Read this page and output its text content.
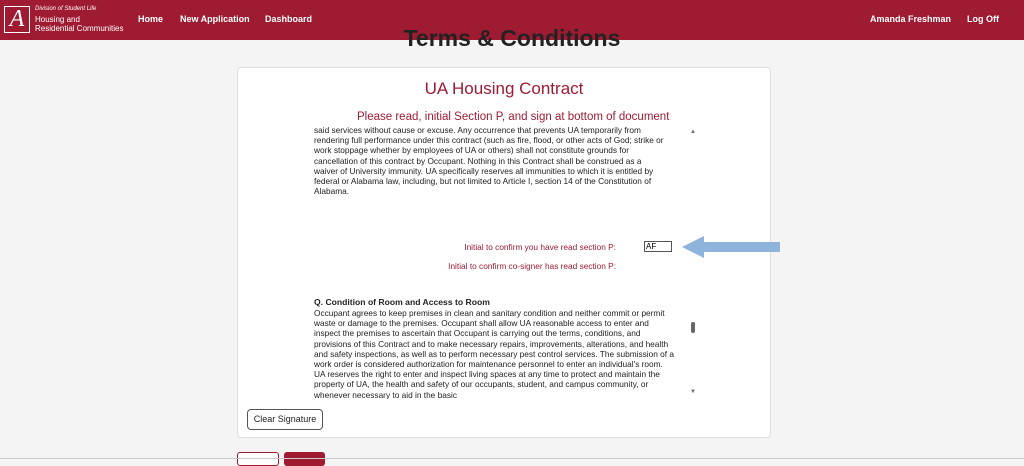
A	Division of Student Life
Housing and
Residential Communities
Home New Application Dashboard	Amanda Freshman Log Off
Terms & Conditions
UA Housing Contract
Please read, initial Section P, and sign at bottom of document

said services without cause or excuse. Any occurrence that prevents UA temporarily from rendering full performance under this contract (such as fire, flood, or other acts of God; strike or work stoppage whether by employees of UA or others) shall not constitute grounds for cancellation of this contract by Occupant. Nothing in this Contract shall be construed as a waiver of University immunity. UA specifically reserves all immunities to which it is entitled by federal or Alabama law, including, but not limited to Article I, section 14 of the Constitution of Alabama.

Initial to confirm you have read section P:
AF
Initial to confirm co-signer has read section P:
Q. Condition of Room and Access to Room

Occupant agrees to keep premises in clean and sanitary condition and neither commit or permit waste or damage to the premises. Occupant shall allow UA reasonable access to enter and inspect the premises to ascertain that Occupant is carrying out the terms, conditions, and provisions of this Contract and to make necessary repairs, improvements, alterations, and health and safety inspections, as well as to perform necessary pest control services. The submission of a work order is considered authorization for maintenance personnel to enter an individual's room. UA reserves the right to enter and inspect living spaces at any time to protect and maintain the property of UA, the health and safety of our occupants, student, and campus community, or whenever necessary to aid in the basic

▲
▼
Clear Signature
